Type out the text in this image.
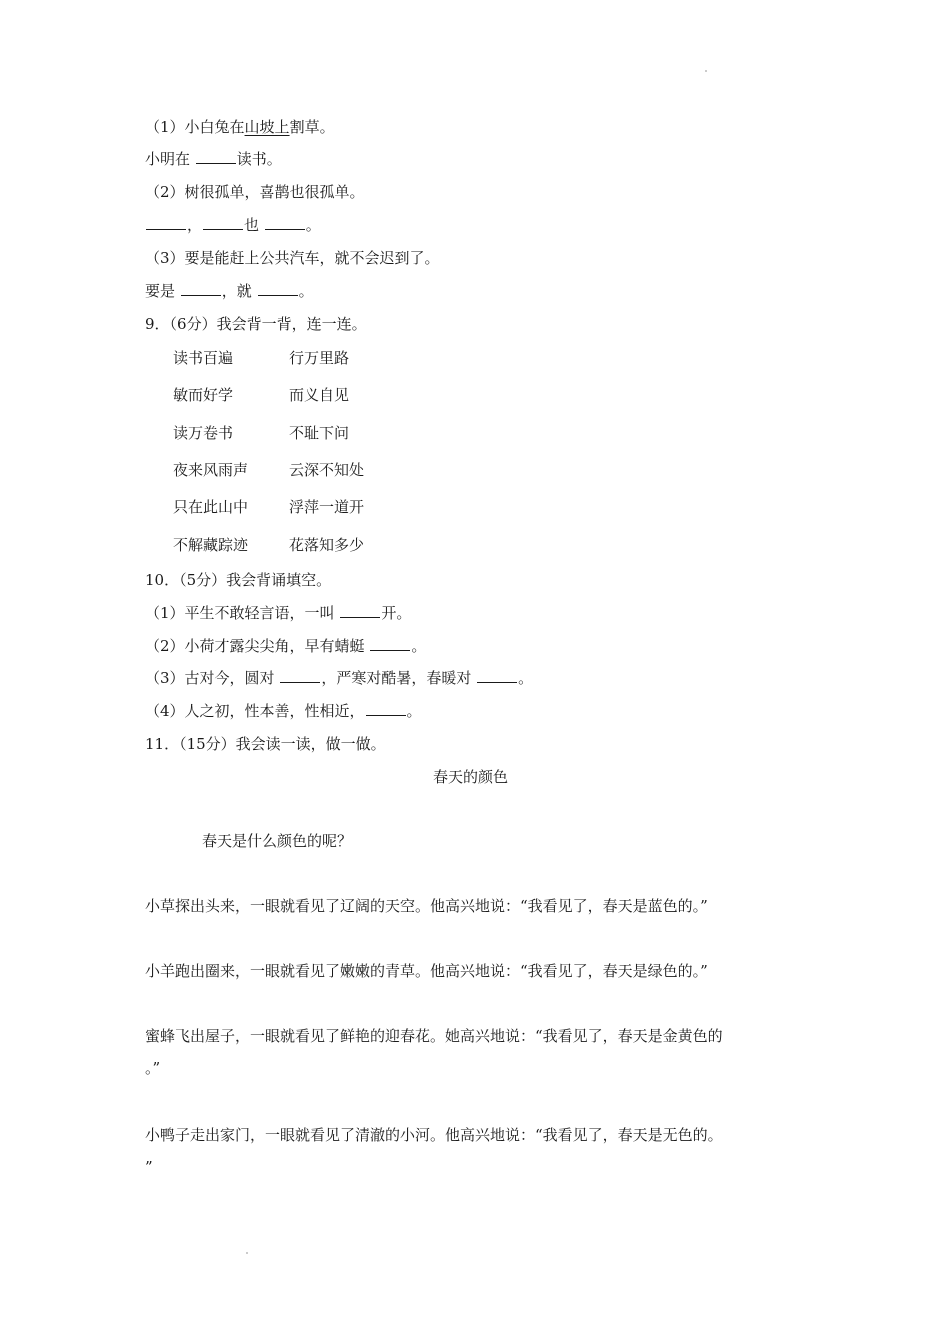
（1）小白兔在山坡上割草。
小明在	读书。
（2）树很孤单，喜鹊也很孤单。
，	也	。
（3）要是能赶上公共汽车，就不会迟到了。
要是	，就	。
9．（6分）我会背一背，连一连。
读书百遍	行万里路
敏而好学	而义自见
读万卷书	不耻下问
夜来风雨声	云深不知处
只在此山中	浮萍一道开
不解藏踪迹	花落知多少
10．（5分）我会背诵填空。
（1）平生不敢轻言语，一叫	开。
（2）小荷才露尖尖角，早有蜻蜓	。
（3）古对今，圆对	，严寒对酷暑，春暖对	。
（4）人之初，性本善，性相近，	。
11．（15分）我会读一读，做一做。
春天的颜色
春天是什么颜色的呢？
小草探出头来，一眼就看见了辽阔的天空。他高兴地说：“我看见了，春天是蓝色的。”
小羊跑出圈来，一眼就看见了嫩嫩的青草。他高兴地说：“我看见了，春天是绿色的。”
蜜蜂飞出屋子，一眼就看见了鲜艳的迎春花。她高兴地说：“我看见了，春天是金黄色的
。”
小鸭子走出家门，一眼就看见了清澈的小河。他高兴地说：“我看见了，春天是无色的。
”
